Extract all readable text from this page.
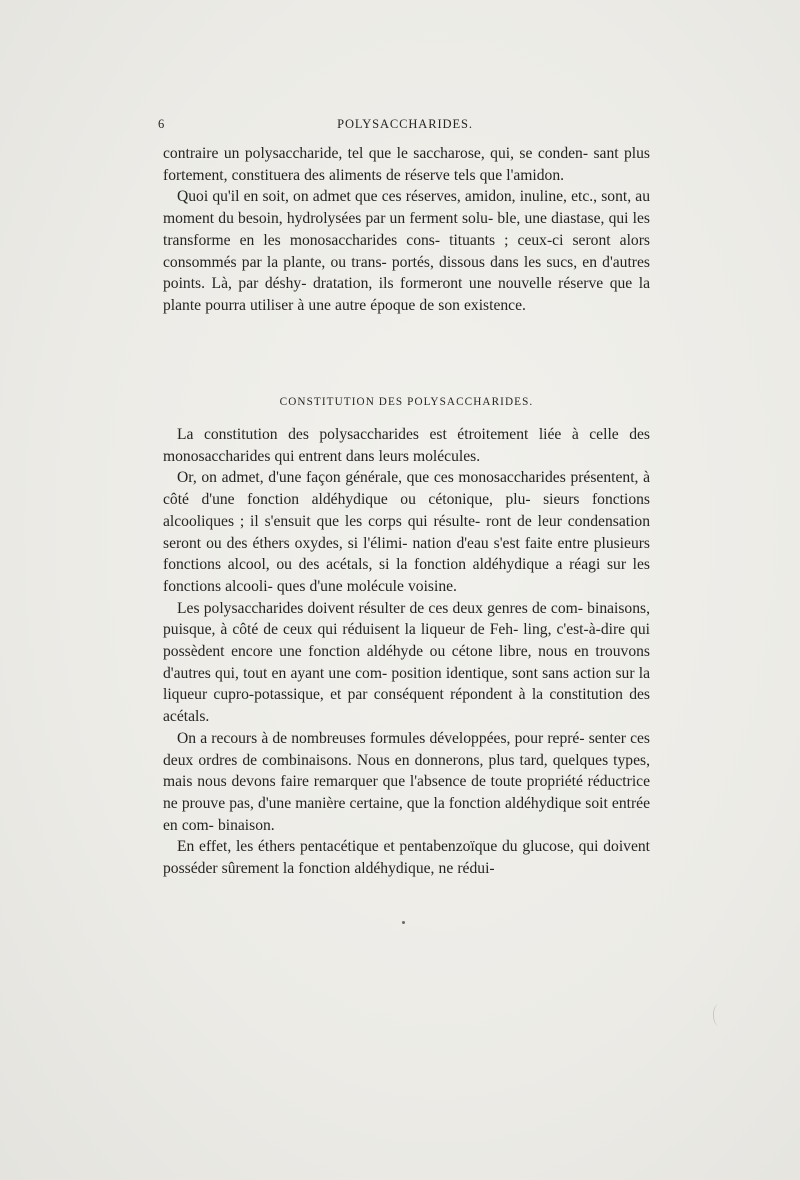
6	POLYSACCHARIDES.

contraire un polysaccharide, tel que le saccharose, qui, se conden- sant plus fortement, constituera des aliments de réserve tels que l'amidon.

Quoi qu'il en soit, on admet que ces réserves, amidon, inuline, etc., sont, au moment du besoin, hydrolysées par un ferment solu- ble, une diastase, qui les transforme en les monosaccharides cons- tituants ; ceux-ci seront alors consommés par la plante, ou trans- portés, dissous dans les sucs, en d'autres points. Là, par déshy- dratation, ils formeront une nouvelle réserve que la plante pourra utiliser à une autre époque de son existence.

CONSTITUTION DES POLYSACCHARIDES.

La constitution des polysaccharides est étroitement liée à celle des monosaccharides qui entrent dans leurs molécules.

Or, on admet, d'une façon générale, que ces monosaccharides présentent, à côté d'une fonction aldéhydique ou cétonique, plu- sieurs fonctions alcooliques ; il s'ensuit que les corps qui résulte- ront de leur condensation seront ou des éthers oxydes, si l'élimi- nation d'eau s'est faite entre plusieurs fonctions alcool, ou des acétals, si la fonction aldéhydique a réagi sur les fonctions alcooli- ques d'une molécule voisine.

Les polysaccharides doivent résulter de ces deux genres de com- binaisons, puisque, à côté de ceux qui réduisent la liqueur de Feh- ling, c'est-à-dire qui possèdent encore une fonction aldéhyde ou cétone libre, nous en trouvons d'autres qui, tout en ayant une com- position identique, sont sans action sur la liqueur cupro-potassique, et par conséquent répondent à la constitution des acétals.

On a recours à de nombreuses formules développées, pour repré- senter ces deux ordres de combinaisons. Nous en donnerons, plus tard, quelques types, mais nous devons faire remarquer que l'absence de toute propriété réductrice ne prouve pas, d'une manière certaine, que la fonction aldéhydique soit entrée en com- binaison.

En effet, les éthers pentacétique et pentabenzoïque du glucose, qui doivent posséder sûrement la fonction aldéhydique, ne rédui-
